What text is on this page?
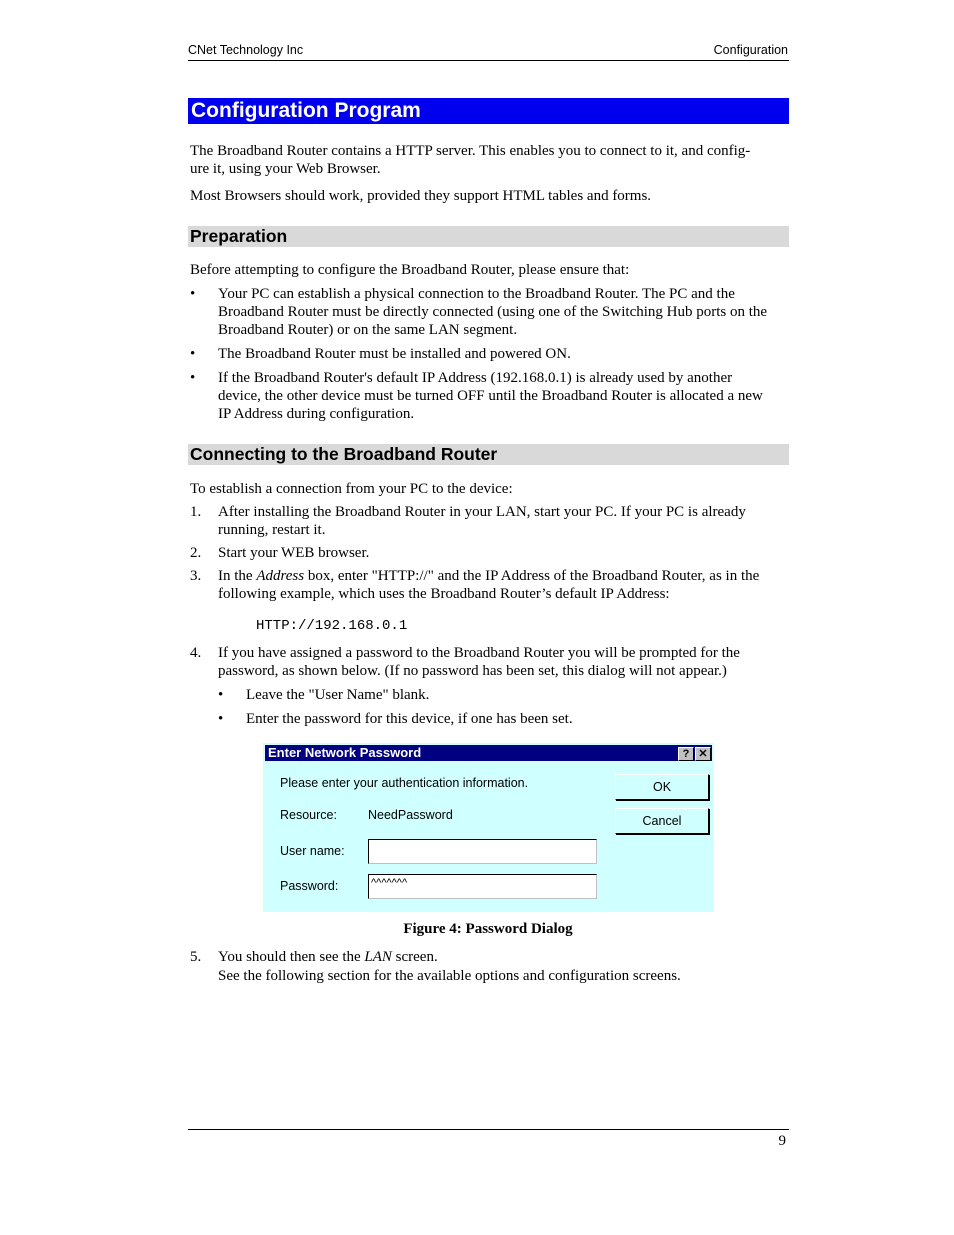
CNet Technology Inc	Configuration
Configuration Program
The Broadband Router contains a HTTP server. This enables you to connect to it, and config-
ure it, using your Web Browser.
Most Browsers should work, provided they support HTML tables and forms.
Preparation
Before attempting to configure the Broadband Router, please ensure that:
• Your PC can establish a physical connection to the Broadband Router. The PC and the
Broadband Router must be directly connected (using one of the Switching Hub ports on the
Broadband Router) or on the same LAN segment.
• The Broadband Router must be installed and powered ON.
• If the Broadband Router's default IP Address (192.168.0.1) is already used by another
device, the other device must be turned OFF until the Broadband Router is allocated a new
IP Address during configuration.
Connecting to the Broadband Router
To establish a connection from your PC to the device:
1. After installing the Broadband Router in your LAN, start your PC. If your PC is already
running, restart it.
2. Start your WEB browser.
3. In the Address box, enter "HTTP://" and the IP Address of the Broadband Router, as in the
following example, which uses the Broadband Router’s default IP Address:
HTTP://192.168.0.1
4. If you have assigned a password to the Broadband Router you will be prompted for the
password, as shown below. (If no password has been set, this dialog will not appear.)
• Leave the "User Name" blank.
• Enter the password for this device, if one has been set.
Enter Network Password	? ✕
Please enter your authentication information.
Resource: NeedPassword
User name:
Password:	^^^^^^^
OK
Cancel
Figure 4: Password Dialog
5. You should then see the LAN screen.
See the following section for the available options and configuration screens.
9
